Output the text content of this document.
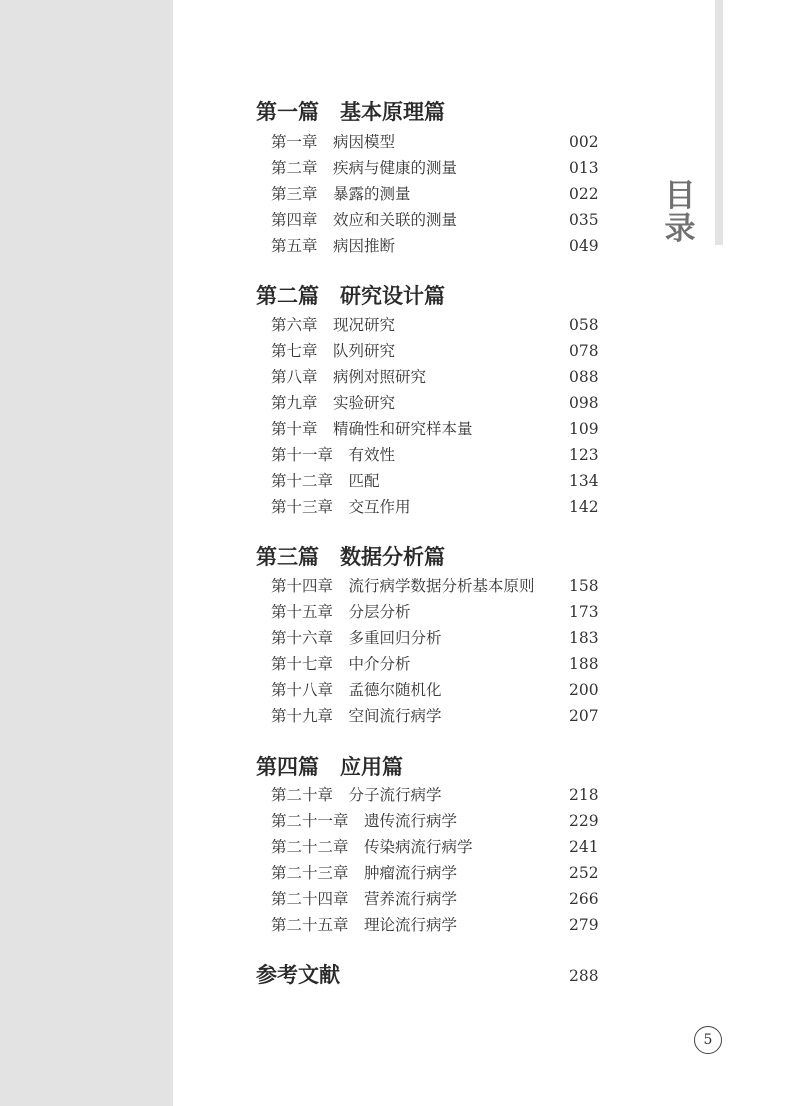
目
录
第一篇　基本原理篇
第一章　 病因模型	002
第二章　 疾病与健康的测量	013
第三章　 暴露的测量	022
第四章　 效应和关联的测量	035
第五章　 病因推断	049
第二篇　研究设计篇
第六章　 现况研究	058
第七章　 队列研究	078
第八章　 病例对照研究	088
第九章　 实验研究	098
第十章　 精确性和研究样本量	109
第十一章　 有效性	123
第十二章　 匹配	134
第十三章　 交互作用	142
第三篇　数据分析篇
第十四章　 流行病学数据分析基本原则 158
第十五章　 分层分析	173
第十六章　 多重回归分析	183
第十七章　 中介分析	188
第十八章　 孟德尔随机化	200
第十九章　 空间流行病学	207
第四篇　应用篇
第二十章　 分子流行病学	218
第二十一章　 遗传流行病学	229
第二十二章　 传染病流行病学	241
第二十三章　 肿瘤流行病学	252
第二十四章　 营养流行病学	266
第二十五章　 理论流行病学	279
参考文献	288
5
